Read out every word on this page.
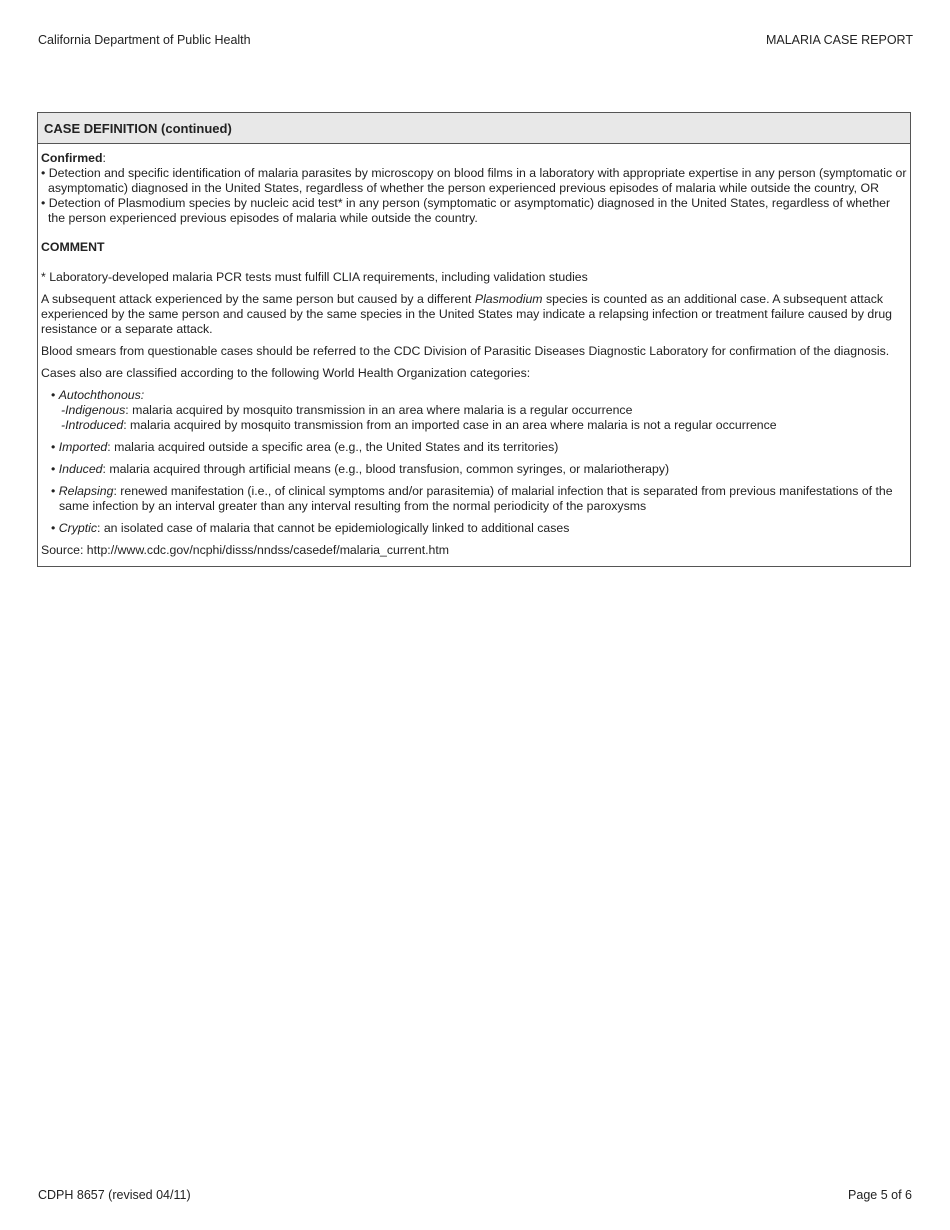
California Department of Public Health	MALARIA CASE REPORT
CASE DEFINITION (continued)
Confirmed:
• Detection and specific identification of malaria parasites by microscopy on blood films in a laboratory with appropriate expertise in any person (symptomatic or asymptomatic) diagnosed in the United States, regardless of whether the person experienced previous episodes of malaria while outside the country, OR
• Detection of Plasmodium species by nucleic acid test* in any person (symptomatic or asymptomatic) diagnosed in the United States, regardless of whether the person experienced previous episodes of malaria while outside the country.
COMMENT
* Laboratory-developed malaria PCR tests must fulfill CLIA requirements, including validation studies
A subsequent attack experienced by the same person but caused by a different Plasmodium species is counted as an additional case. A subsequent attack experienced by the same person and caused by the same species in the United States may indicate a relapsing infection or treatment failure caused by drug resistance or a separate attack.
Blood smears from questionable cases should be referred to the CDC Division of Parasitic Diseases Diagnostic Laboratory for confirmation of the diagnosis.
Cases also are classified according to the following World Health Organization categories:
• Autochthonous:
-Indigenous: malaria acquired by mosquito transmission in an area where malaria is a regular occurrence
-Introduced: malaria acquired by mosquito transmission from an imported case in an area where malaria is not a regular occurrence
• Imported: malaria acquired outside a specific area (e.g., the United States and its territories)
• Induced: malaria acquired through artificial means (e.g., blood transfusion, common syringes, or malariotherapy)
• Relapsing: renewed manifestation (i.e., of clinical symptoms and/or parasitemia) of malarial infection that is separated from previous manifestations of the same infection by an interval greater than any interval resulting from the normal periodicity of the paroxysms
• Cryptic: an isolated case of malaria that cannot be epidemiologically linked to additional cases
Source: http://www.cdc.gov/ncphi/disss/nndss/casedef/malaria_current.htm
CDPH 8657 (revised 04/11)	Page 5 of 6
